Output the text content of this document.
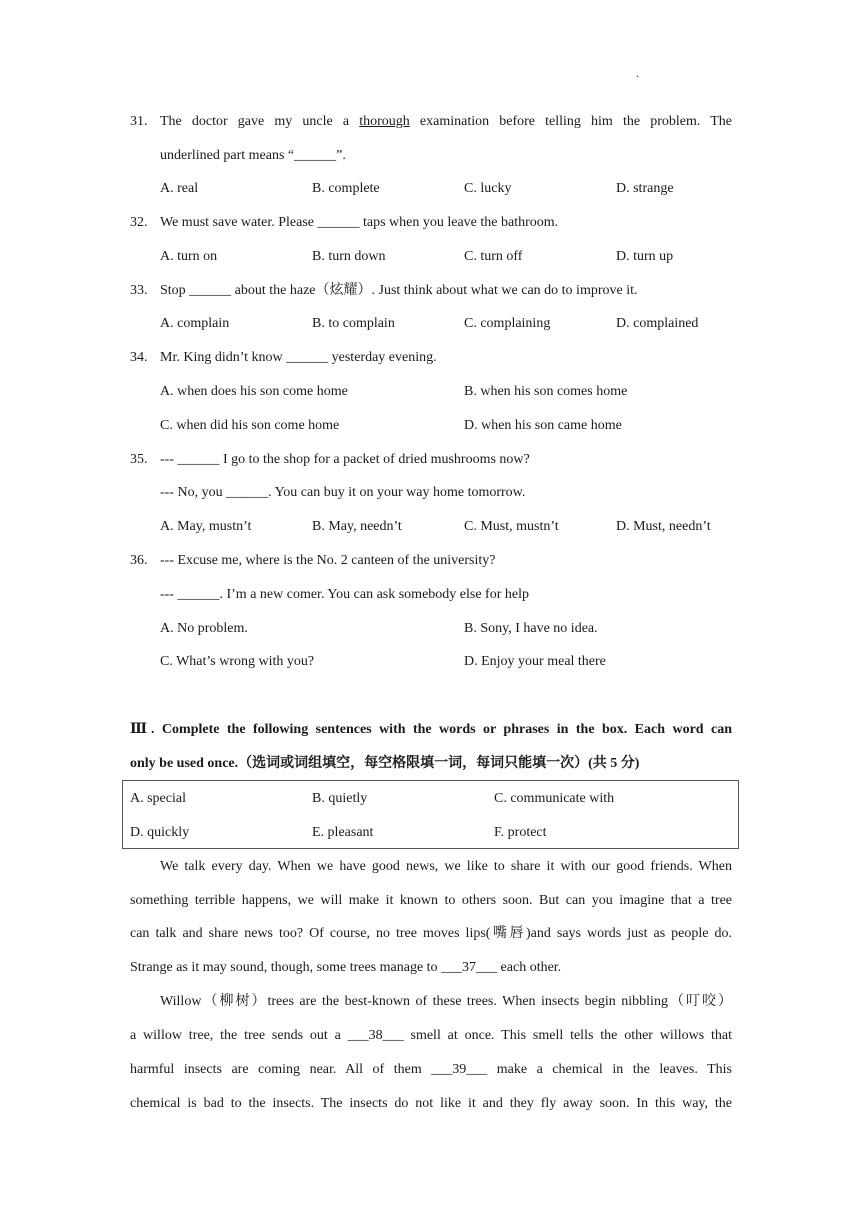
.
31. The doctor gave my uncle a thorough examination before telling him the problem. The
underlined part means “______”.
A. real	B. complete	C. lucky	D. strange
32. We must save water. Please ______ taps when you leave the bathroom.
A. turn on	B. turn down	C. turn off	D. turn up
33. Stop ______ about the haze（炫耀）. Just think about what we can do to improve it.
A. complain	B. to complain	C. complaining	D. complained
34. Mr. King didn’t know ______ yesterday evening.
A. when does his son come home	B. when his son comes home
C. when did his son come home	D. when his son came home
35. --- ______ I go to the shop for a packet of dried mushrooms now?
--- No, you ______. You can buy it on your way home tomorrow.
A. May, mustn’t	B. May, needn’t	C. Must, mustn’t	D. Must, needn’t
36. --- Excuse me, where is the No. 2 canteen of the university?
--- ______. I’m a new comer. You can ask somebody else for help
A. No problem.	B. Sony, I have no idea.
C. What’s wrong with you?	D. Enjoy your meal there
Ⅲ. Complete the following sentences with the words or phrases in the box. Each word can
only be used once.（选词或词组填空，每空格限填一词，每词只能填一次）(共 5 分)
A. special	B. quietly	C. communicate with
D. quickly	E. pleasant	F. protect
We talk every day. When we have good news, we like to share it with our good friends. When
something terrible happens, we will make it known to others soon. But can you imagine that a tree
can talk and share news too? Of course, no tree moves lips(嘴唇)and says words just as people do.
Strange as it may sound, though, some trees manage to ___37___ each other.
Willow（柳树）trees are the best-known of these trees. When insects begin nibbling（叮咬）
a willow tree, the tree sends out a ___38___ smell at once. This smell tells the other willows that
harmful insects are coming near. All of them ___39___ make a chemical in the leaves. This
chemical is bad to the insects. The insects do not like it and they fly away soon. In this way, the
